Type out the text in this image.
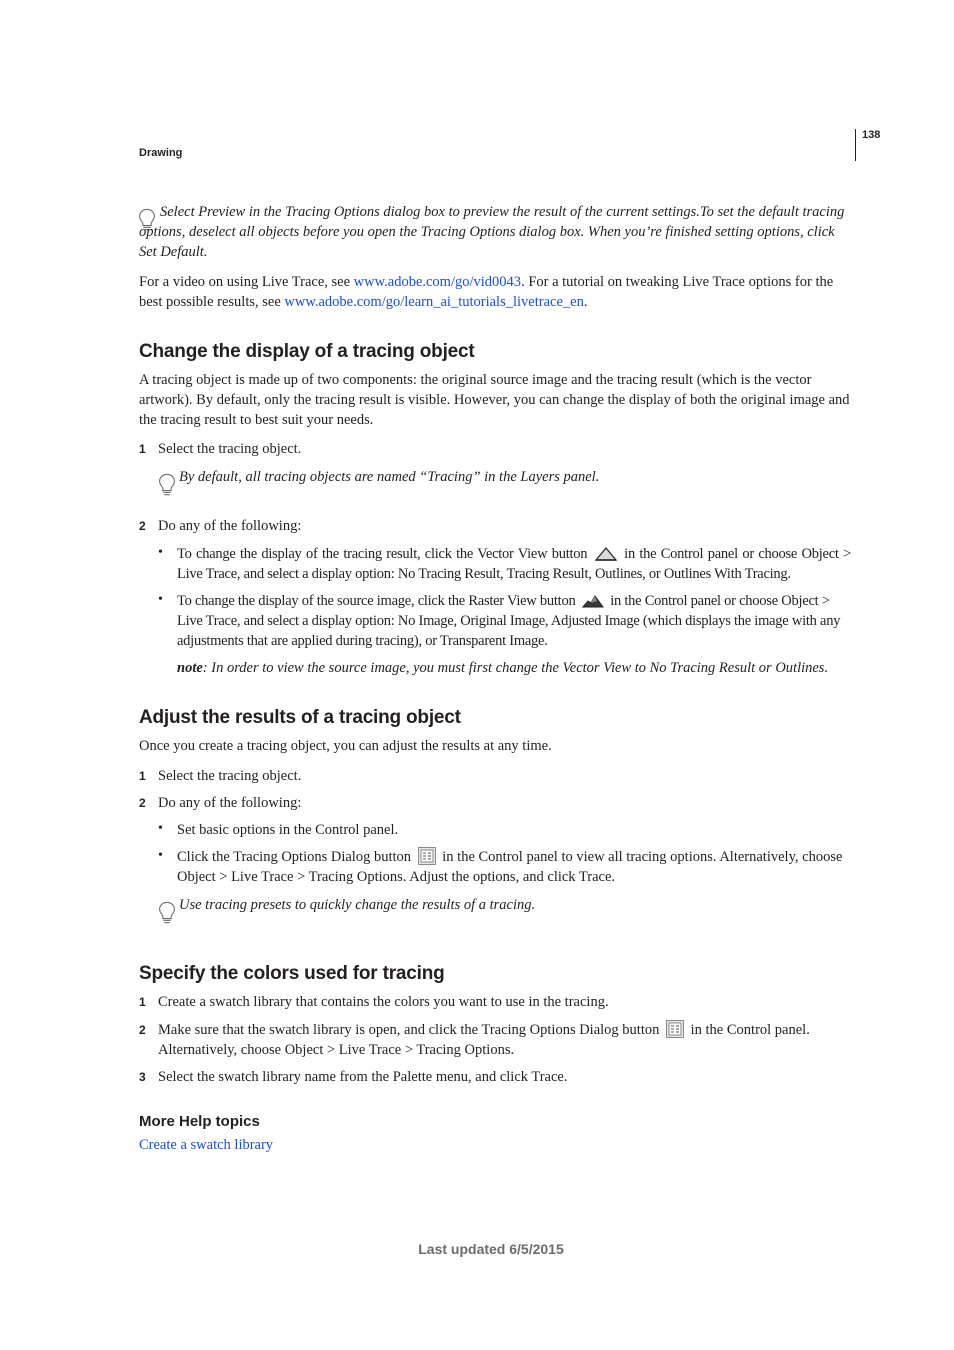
Drawing
138
Select Preview in the Tracing Options dialog box to preview the result of the current settings.To set the default tracing options, deselect all objects before you open the Tracing Options dialog box. When you’re finished setting options, click Set Default.
For a video on using Live Trace, see www.adobe.com/go/vid0043. For a tutorial on tweaking Live Trace options for the best possible results, see www.adobe.com/go/learn_ai_tutorials_livetrace_en.
Change the display of a tracing object
A tracing object is made up of two components: the original source image and the tracing result (which is the vector artwork). By default, only the tracing result is visible. However, you can change the display of both the original image and the tracing result to best suit your needs.
1 Select the tracing object.
By default, all tracing objects are named “Tracing” in the Layers panel.
2 Do any of the following:
• To change the display of the tracing result, click the Vector View button	in the Control panel or choose Object > Live Trace, and select a display option: No Tracing Result, Tracing Result, Outlines, or Outlines With Tracing.
• To change the display of the source image, click the Raster View button in the Control panel or choose Object > Live Trace, and select a display option: No Image, Original Image, Adjusted Image (which displays the image with any adjustments that are applied during tracing), or Transparent Image.
note: In order to view the source image, you must first change the Vector View to No Tracing Result or Outlines.
Adjust the results of a tracing object
Once you create a tracing object, you can adjust the results at any time.
1 Select the tracing object.
2 Do any of the following:
• Set basic options in the Control panel.
• Click the Tracing Options Dialog button in the Control panel to view all tracing options. Alternatively, choose Object > Live Trace > Tracing Options. Adjust the options, and click Trace.
Use tracing presets to quickly change the results of a tracing.
Specify the colors used for tracing
1 Create a swatch library that contains the colors you want to use in the tracing.
2 Make sure that the swatch library is open, and click the Tracing Options Dialog button in the Control panel. Alternatively, choose Object > Live Trace > Tracing Options.
3 Select the swatch library name from the Palette menu, and click Trace.
More Help topics
Create a swatch library
Last updated 6/5/2015
